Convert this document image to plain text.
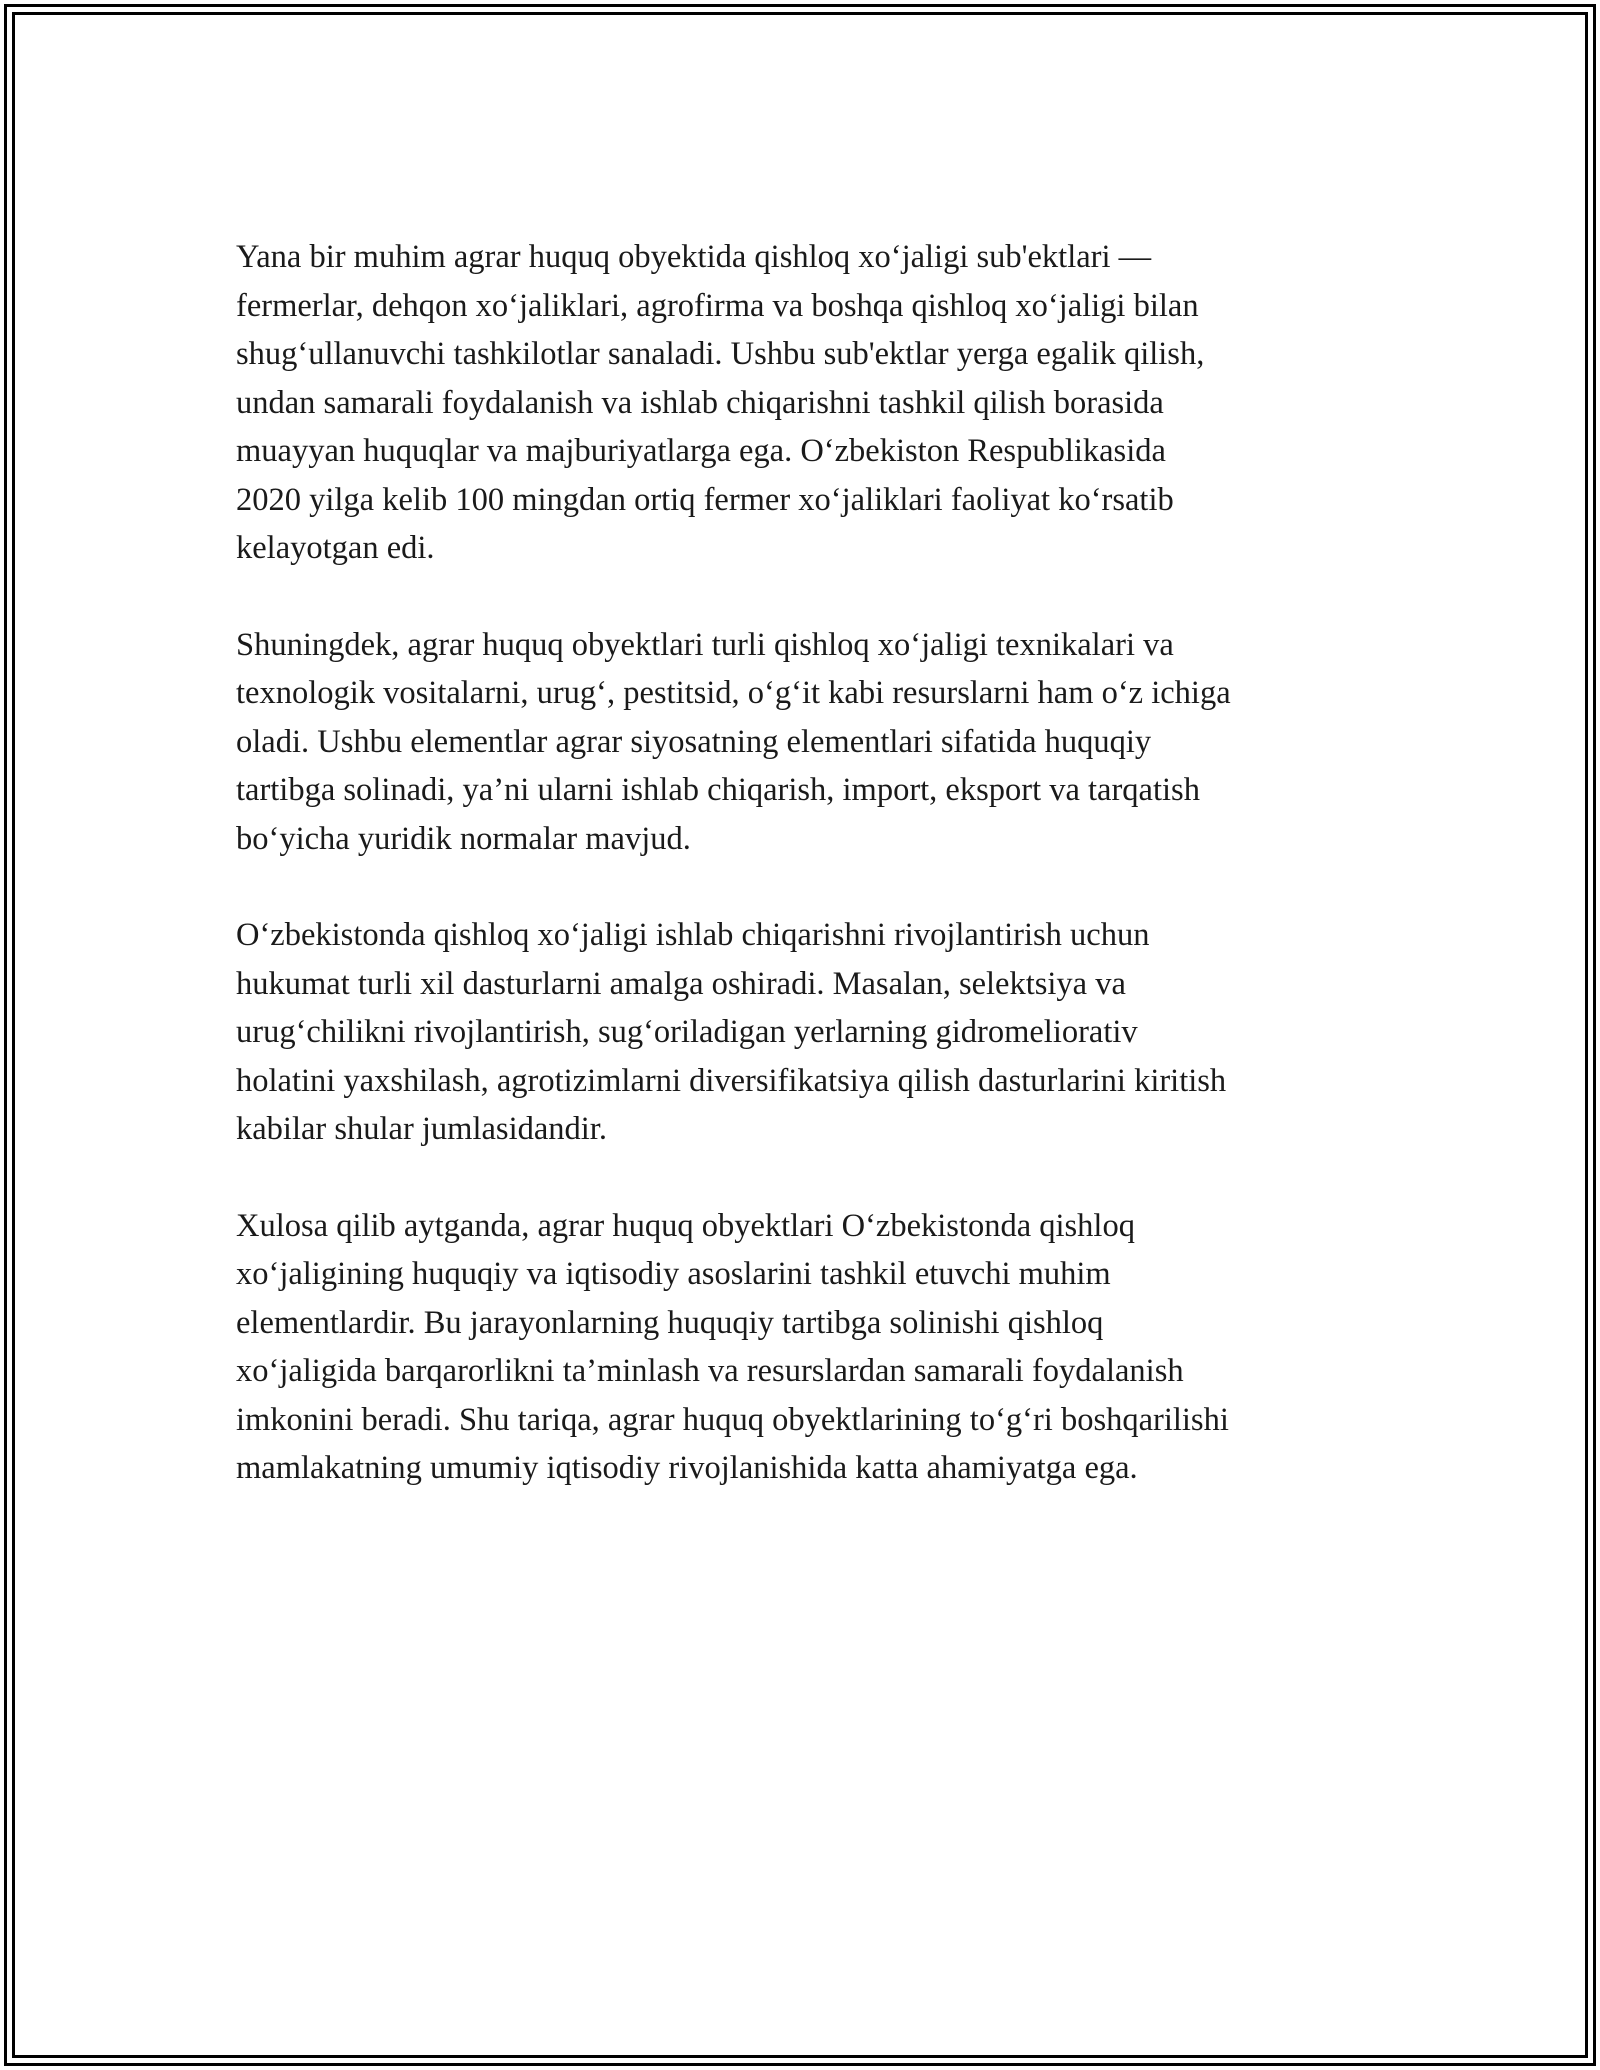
Yana bir muhim agrar huquq obyektida qishloq xo‘jaligi sub'ektlari —
fermerlar, dehqon xo‘jaliklari, agrofirma va boshqa qishloq xo‘jaligi bilan
shug‘ullanuvchi tashkilotlar sanaladi. Ushbu sub'ektlar yerga egalik qilish,
undan samarali foydalanish va ishlab chiqarishni tashkil qilish borasida
muayyan huquqlar va majburiyatlarga ega. O‘zbekiston Respublikasida
2020 yilga kelib 100 mingdan ortiq fermer xo‘jaliklari faoliyat ko‘rsatib
kelayotgan edi.

Shuningdek, agrar huquq obyektlari turli qishloq xo‘jaligi texnikalari va
texnologik vositalarni, urug‘, pestitsid, o‘g‘it kabi resurslarni ham o‘z ichiga
oladi. Ushbu elementlar agrar siyosatning elementlari sifatida huquqiy
tartibga solinadi, ya’ni ularni ishlab chiqarish, import, eksport va tarqatish
bo‘yicha yuridik normalar mavjud.

O‘zbekistonda qishloq xo‘jaligi ishlab chiqarishni rivojlantirish uchun
hukumat turli xil dasturlarni amalga oshiradi. Masalan, selektsiya va
urug‘chilikni rivojlantirish, sug‘oriladigan yerlarning gidromeliorativ
holatini yaxshilash, agrotizimlarni diversifikatsiya qilish dasturlarini kiritish
kabilar shular jumlasidandir.

Xulosa qilib aytganda, agrar huquq obyektlari O‘zbekistonda qishloq
xo‘jaligining huquqiy va iqtisodiy asoslarini tashkil etuvchi muhim
elementlardir. Bu jarayonlarning huquqiy tartibga solinishi qishloq
xo‘jaligida barqarorlikni ta’minlash va resurslardan samarali foydalanish
imkonini beradi. Shu tariqa, agrar huquq obyektlarining to‘g‘ri boshqarilishi
mamlakatning umumiy iqtisodiy rivojlanishida katta ahamiyatga ega.
